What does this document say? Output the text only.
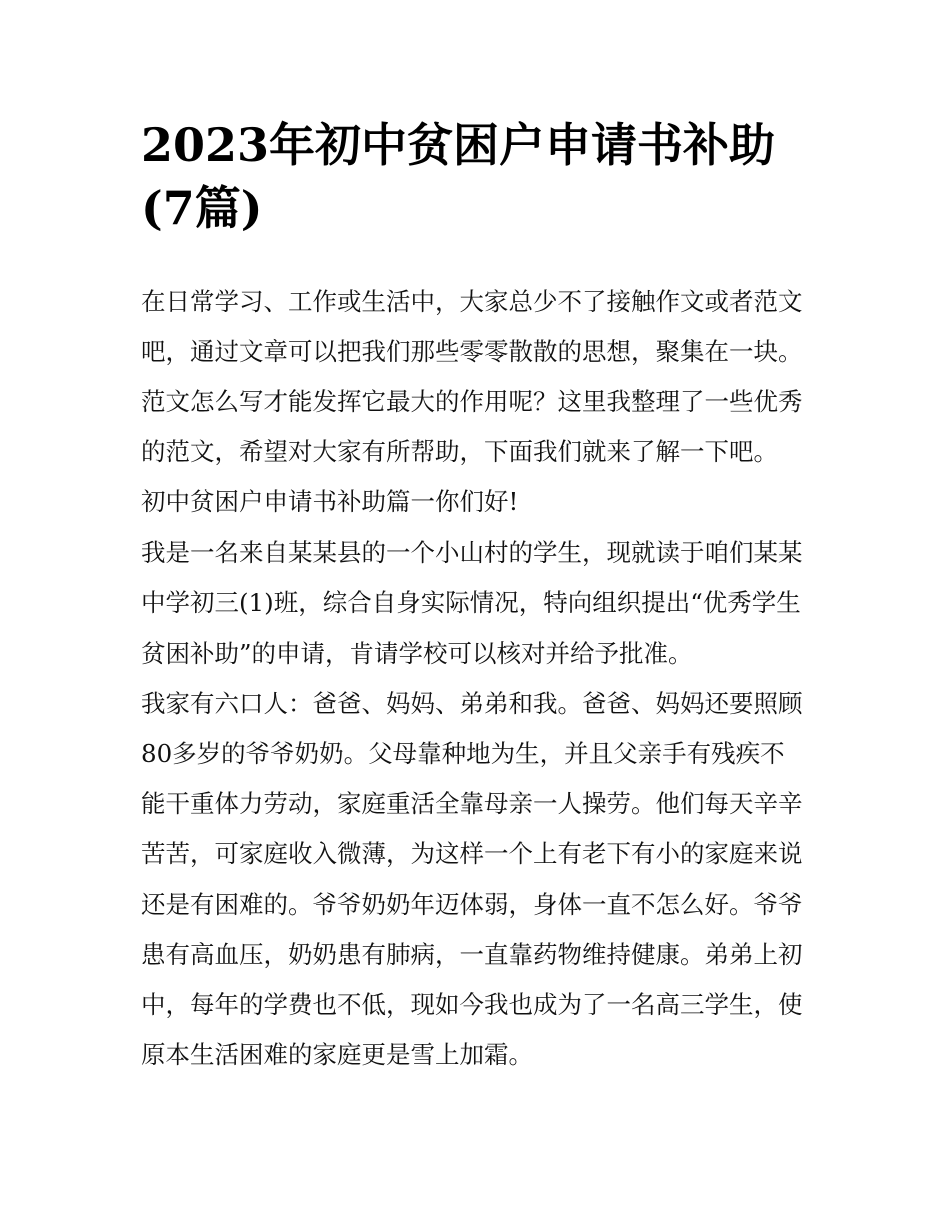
2023年初中贫困户申请书补助
(7篇)

在日常学习、工作或生活中，大家总少不了接触作文或者范文

吧，通过文章可以把我们那些零零散散的思想，聚集在一块。

范文怎么写才能发挥它最大的作用呢？这里我整理了一些优秀

的范文，希望对大家有所帮助，下面我们就来了解一下吧。

初中贫困户申请书补助篇一你们好!

我是一名来自某某县的一个小山村的学生，现就读于咱们某某

中学初三(1)班，综合自身实际情况，特向组织提出“优秀学生

贫困补助”的申请，肯请学校可以核对并给予批准。

我家有六口人：爸爸、妈妈、弟弟和我。爸爸、妈妈还要照顾

80多岁的爷爷奶奶。父母靠种地为生，并且父亲手有残疾不

能干重体力劳动，家庭重活全靠母亲一人操劳。他们每天辛辛

苦苦，可家庭收入微薄，为这样一个上有老下有小的家庭来说

还是有困难的。爷爷奶奶年迈体弱，身体一直不怎么好。爷爷

患有高血压，奶奶患有肺病，一直靠药物维持健康。弟弟上初

中，每年的学费也不低，现如今我也成为了一名高三学生，使

原本生活困难的家庭更是雪上加霜。
